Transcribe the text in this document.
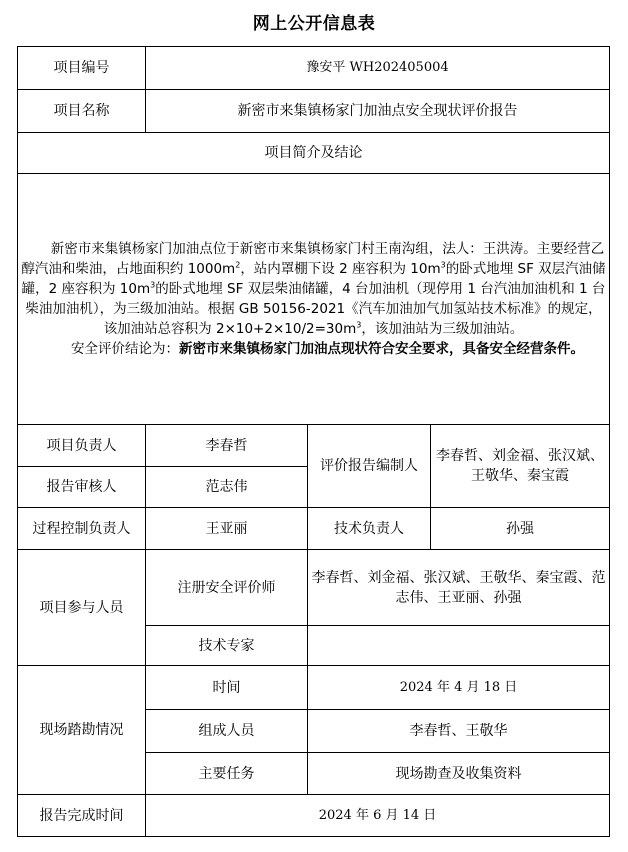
网上公开信息表
项目编号	豫安平 WH202405004		
项目名称	新密市来集镇杨家门加油点安全现状评价报告		
项目简介及结论			

新密市来集镇杨家门加油点位于新密市来集镇杨家门村王南沟组，法人：王洪涛。主要经营乙醇汽油和柴油，占地面积约 $1000m^2$，站内罩棚下设 2 座容积为 $10m^3$的卧式地埋 SF 双层汽油储罐，2 座容积为 $10m^3$的卧式地埋 SF 双层柴油储罐，4 台加油机（现停用 1 台汽油加油机和 1 台柴油加油机），为三级加油站。根据 GB 50156-2021《汽车加油加气加氢站技术标准》的规定，该加油站总容积为 $2\times 10+2\times 10/2=30m^3$，该加油站为三级加油站。
安全评价结论为：新密市来集镇杨家门加油点现状符合安全要求，具备安全经营条件。			

项目负责人	李春哲	评价报告编制人	李春哲、刘金福、张汉斌、王敬华、秦宝霞
报告审核人	范志伟		
过程控制负责人	王亚丽	技术负责人	孙强
项目参与人员	注册安全评价师	李春哲、刘金福、张汉斌、王敬华、秦宝霞、范志伟、王亚丽、孙强	
	技术专家		
现场踏勘情况	时间	2024 年 4 月 18 日	
	组成人员	李春哲、王敬华	
	主要任务	现场勘查及收集资料	
报告完成时间	2024 年 6 月 14 日		
